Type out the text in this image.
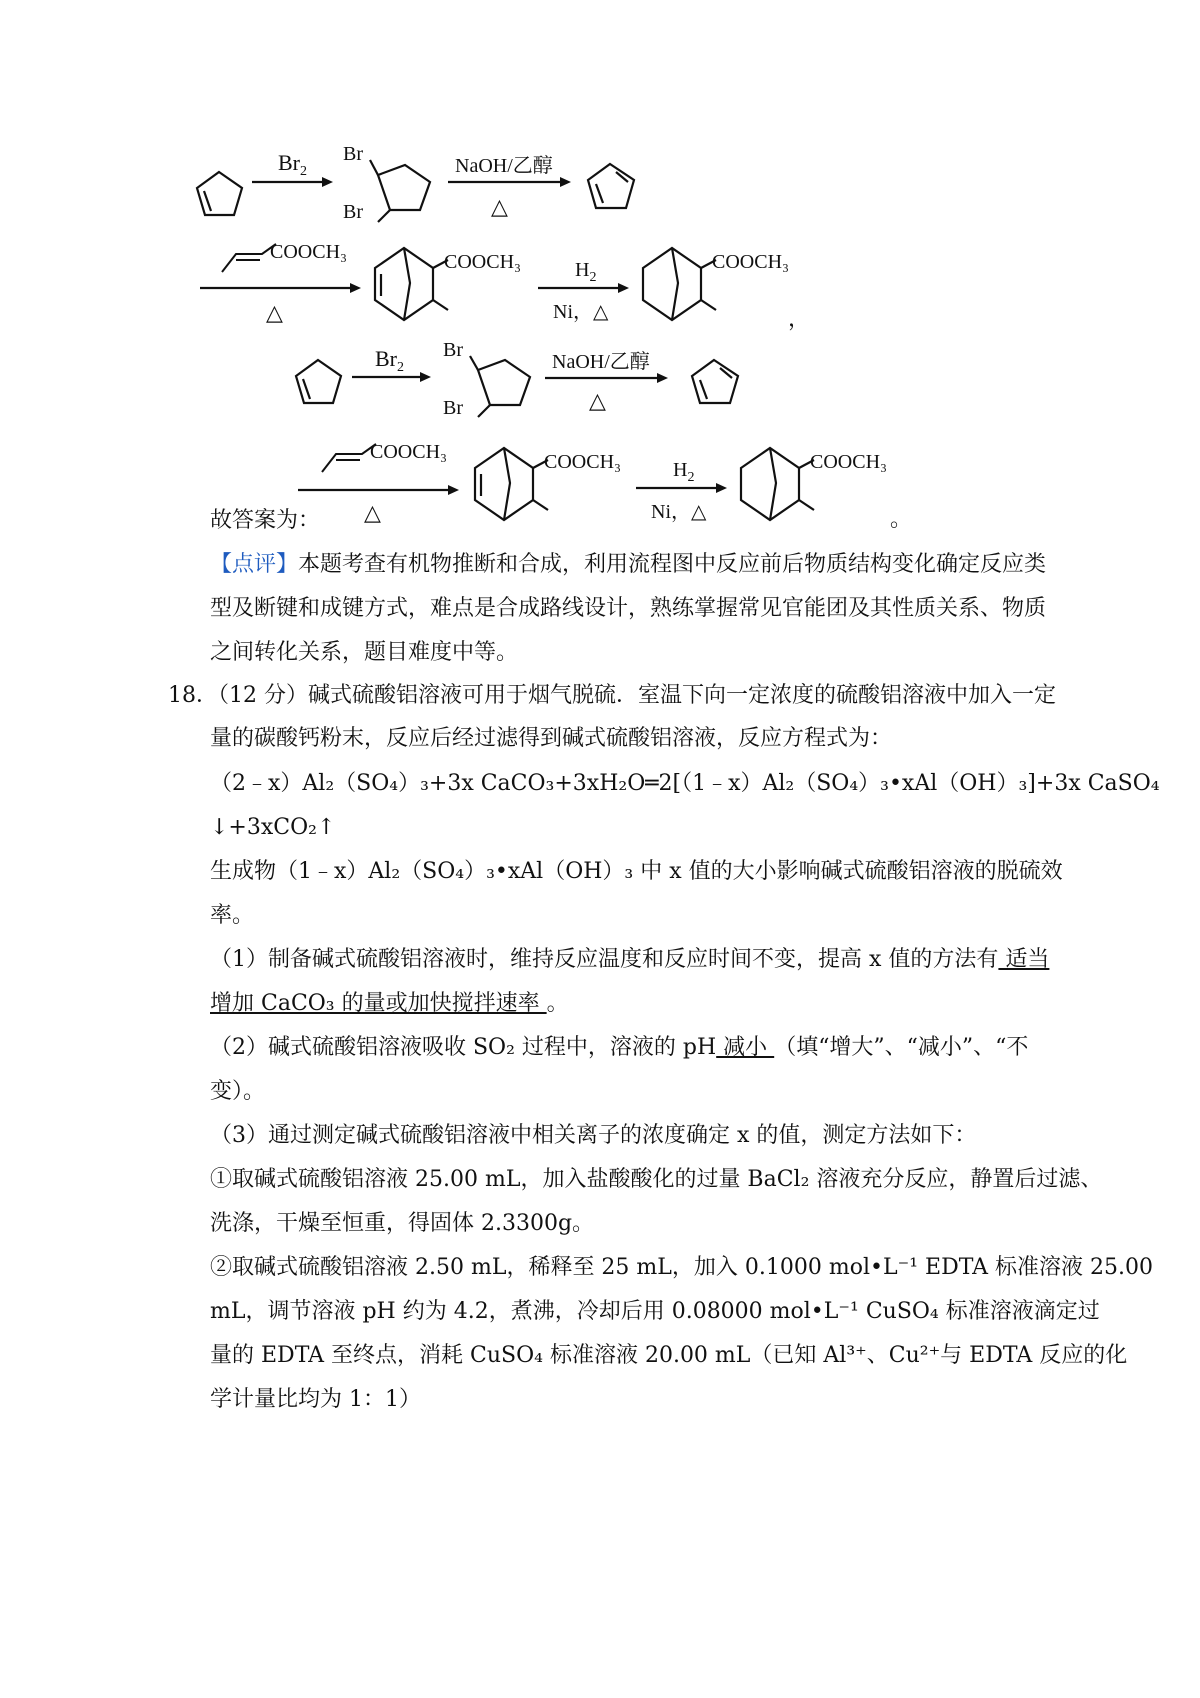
$Br_2$
Br
Br
NaOH/乙醇
△
COOCH₃
△
COOCH₃	$H_2$
Ni，△
COOCH₃
，
$Br_2$
Br
Br
NaOH/乙醇
△
COOCH₃
△
COOCH₃	$H_2$
Ni，△
COOCH₃
。
故答案为：
【点评】本题考查有机物推断和合成，利用流程图中反应前后物质结构变化确定反应类
型及断键和成键方式，难点是合成路线设计，熟练掌握常见官能团及其性质关系、物质
之间转化关系，题目难度中等。
18．（12 分）碱式硫酸铝溶液可用于烟气脱硫．室温下向一定浓度的硫酸铝溶液中加入一定
量的碳酸钙粉末，反应后经过滤得到碱式硫酸铝溶液，反应方程式为：
（2﹣x）Al₂（SO₄）₃+3x CaCO₃+3xH₂O═2[（1﹣x）Al₂（SO₄）₃•xAl（OH）₃]+3x CaSO₄
↓+3xCO₂↑
生成物（1﹣x）Al₂（SO₄）₃•xAl（OH）₃ 中 x 值的大小影响碱式硫酸铝溶液的脱硫效
率。
（1）制备碱式硫酸铝溶液时，维持反应温度和反应时间不变，提高 x 值的方法有 适当
增加 CaCO₃ 的量或加快搅拌速率 。
（2）碱式硫酸铝溶液吸收 SO₂ 过程中，溶液的 pH 减小 （填“增大”、“减小”、“不
变）。
（3）通过测定碱式硫酸铝溶液中相关离子的浓度确定 x 的值，测定方法如下：
①取碱式硫酸铝溶液 25.00 mL，加入盐酸酸化的过量 BaCl₂ 溶液充分反应，静置后过滤、
洗涤，干燥至恒重，得固体 2.3300g。
②取碱式硫酸铝溶液 2.50 mL，稀释至 25 mL，加入 0.1000 mol•L⁻¹ EDTA 标准溶液 25.00
mL，调节溶液 pH 约为 4.2，煮沸，冷却后用 0.08000 mol•L⁻¹ CuSO₄ 标准溶液滴定过
量的 EDTA 至终点，消耗 CuSO₄ 标准溶液 20.00 mL（已知 Al³⁺、Cu²⁺与 EDTA 反应的化
学计量比均为 1：1）
